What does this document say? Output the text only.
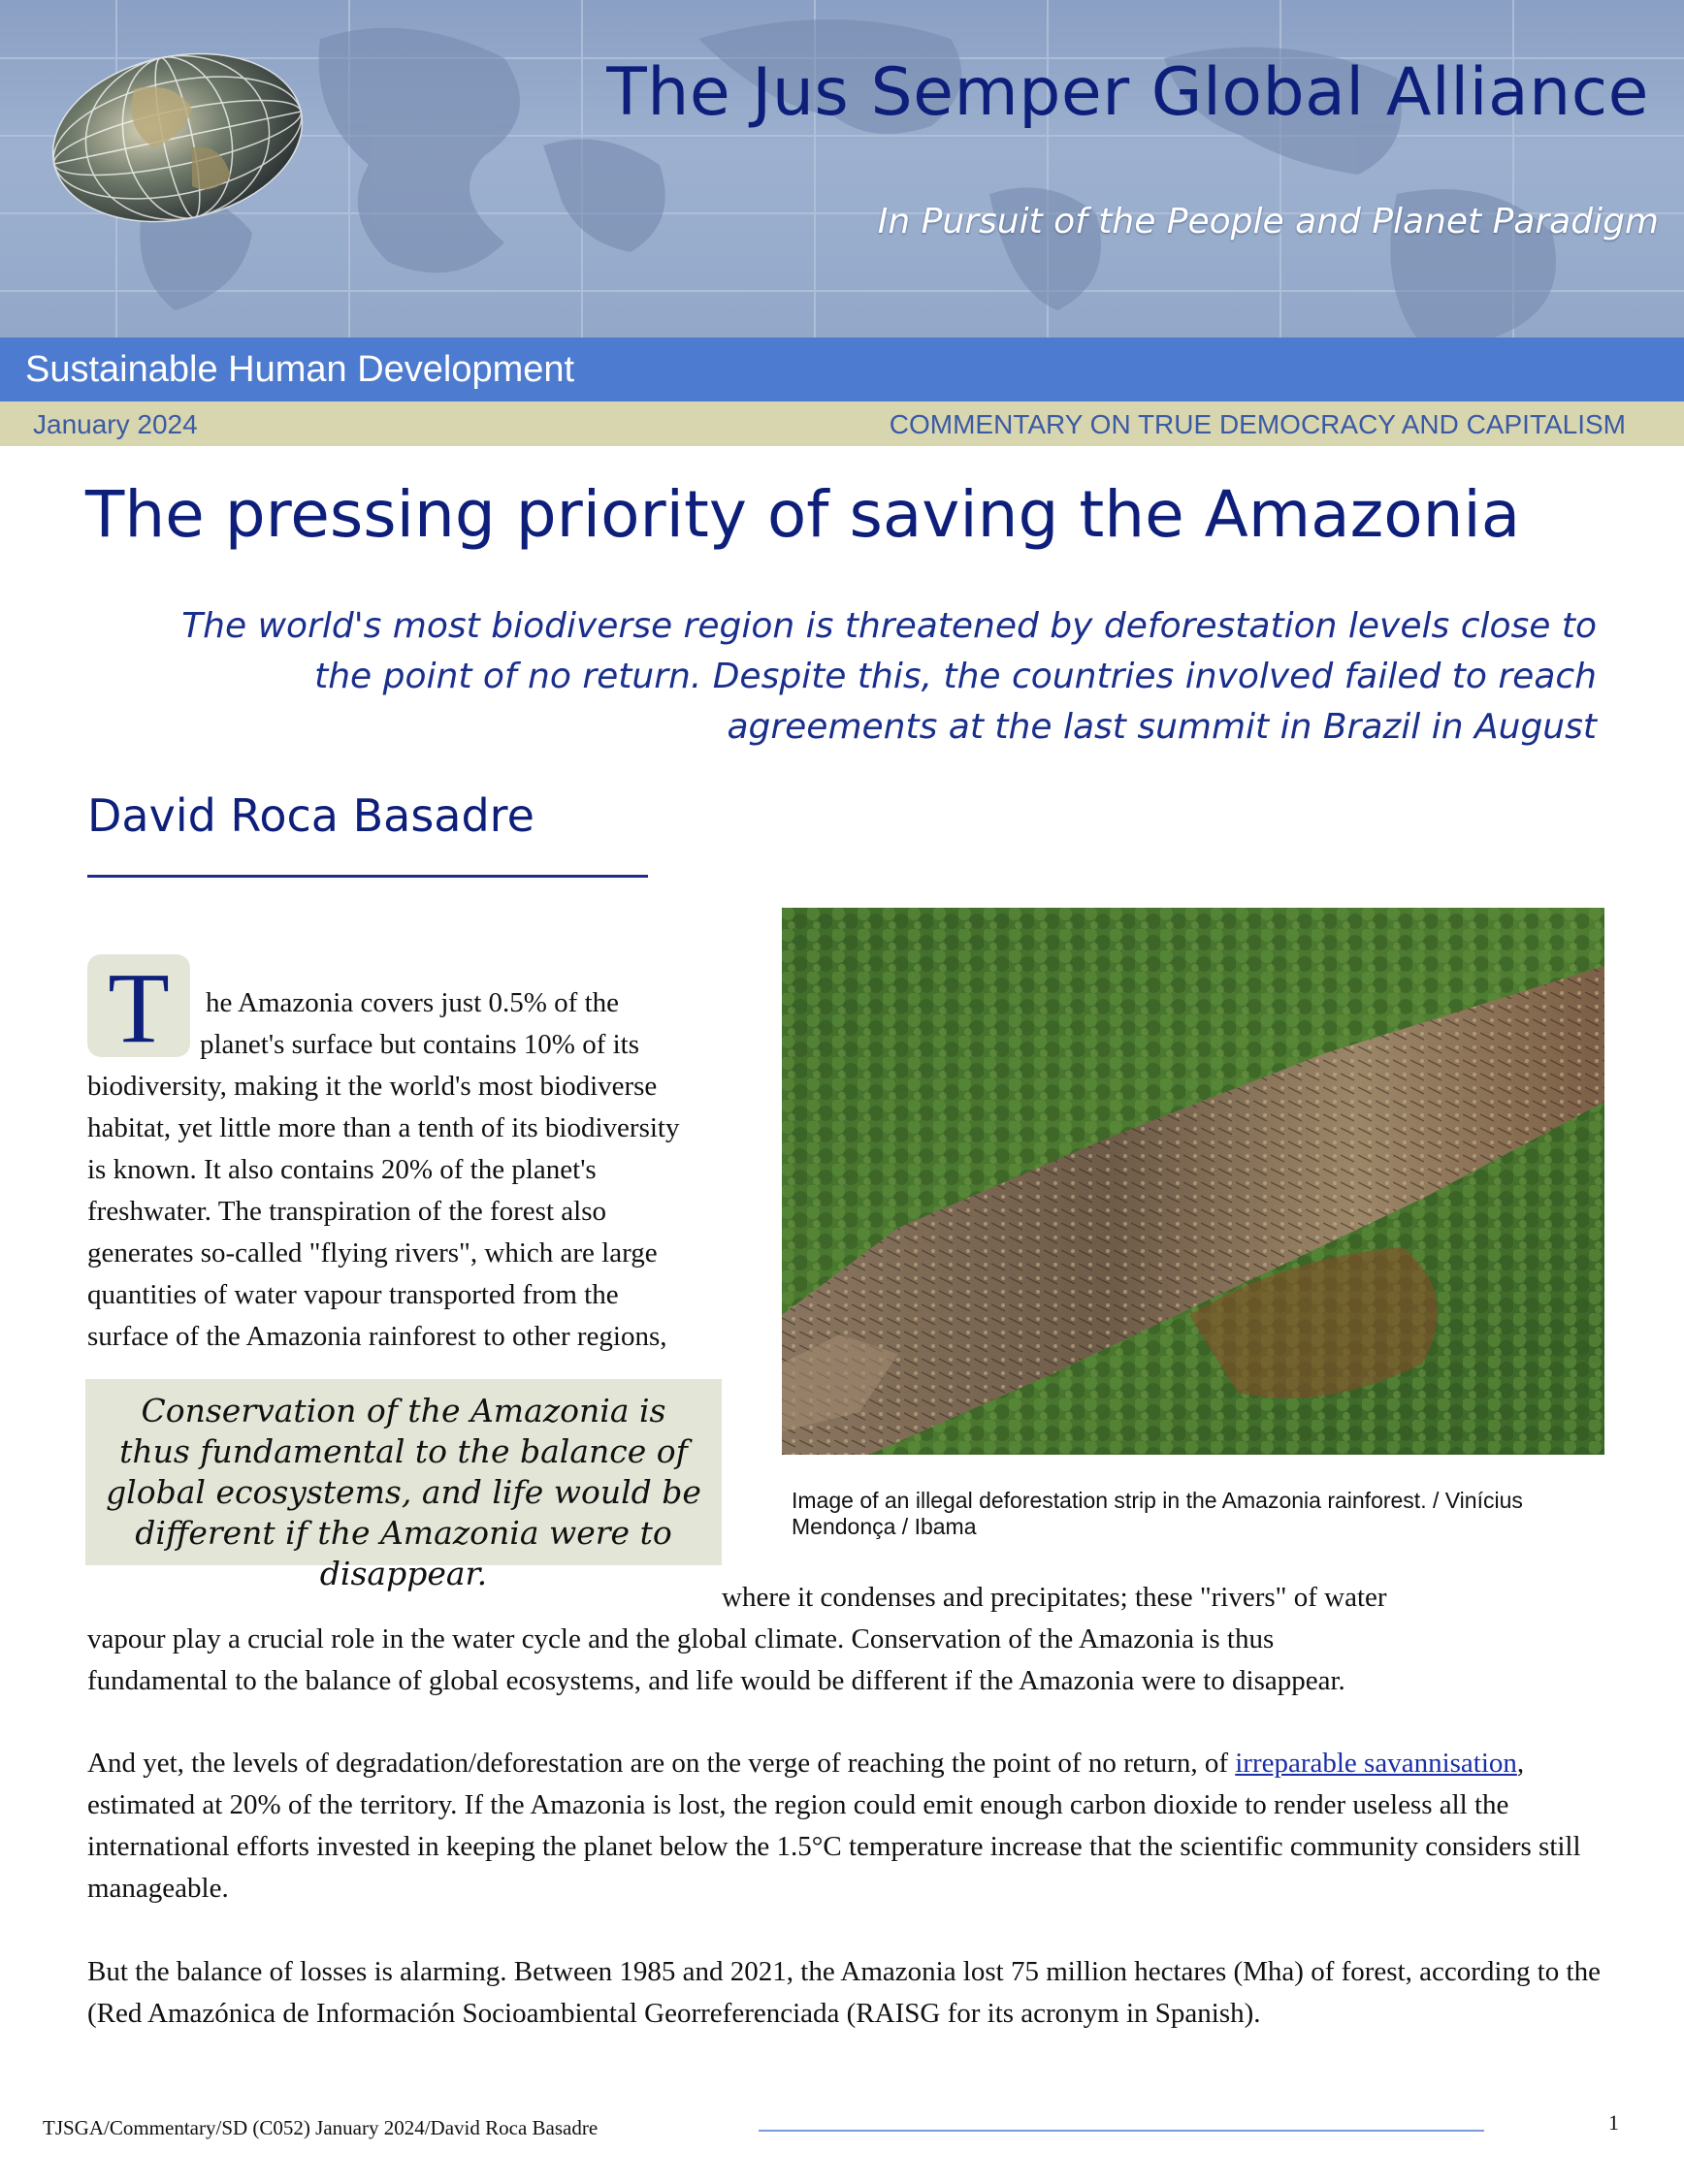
The Jus Semper Global Alliance
In Pursuit of the People and Planet Paradigm
Sustainable Human Development
January 2024	COMMENTARY ON TRUE DEMOCRACY AND CAPITALISM
The pressing priority of saving the Amazonia
The world's most biodiverse region is threatened by deforestation levels close to the point of no return. Despite this, the countries involved failed to reach agreements at the last summit in Brazil in August
David Roca Basadre
T	he Amazonia covers just 0.5% of the
planet's surface but contains 10% of its
biodiversity, making it the world's most biodiverse
habitat, yet little more than a tenth of its biodiversity
is known. It also contains 20% of the planet's
freshwater. The transpiration of the forest also
generates so-called "flying rivers", which are large
quantities of water vapour transported from the
surface of the Amazonia rainforest to other regions,
Conservation of the Amazonia is thus fundamental to the balance of global ecosystems, and life would be different if the Amazonia were to disappear.
Image of an illegal deforestation strip in the Amazonia rainforest. / Vinícius Mendonça / Ibama
where it condenses and precipitates; these "rivers" of water
vapour play a crucial role in the water cycle and the global climate. Conservation of the Amazonia is thus
fundamental to the balance of global ecosystems, and life would be different if the Amazonia were to disappear.
And yet, the levels of degradation/deforestation are on the verge of reaching the point of no return, of irreparable savannisation, estimated at 20% of the territory. If the Amazonia is lost, the region could emit enough carbon dioxide to render useless all the international efforts invested in keeping the planet below the 1.5°C temperature increase that the scientific community considers still manageable.
But the balance of losses is alarming. Between 1985 and 2021, the Amazonia lost 75 million hectares (Mha) of forest, according to the (Red Amazónica de Información Socioambiental Georreferenciada (RAISG for its acronym in Spanish).
TJSGA/Commentary/SD (C052) January 2024/David Roca Basadre	1
